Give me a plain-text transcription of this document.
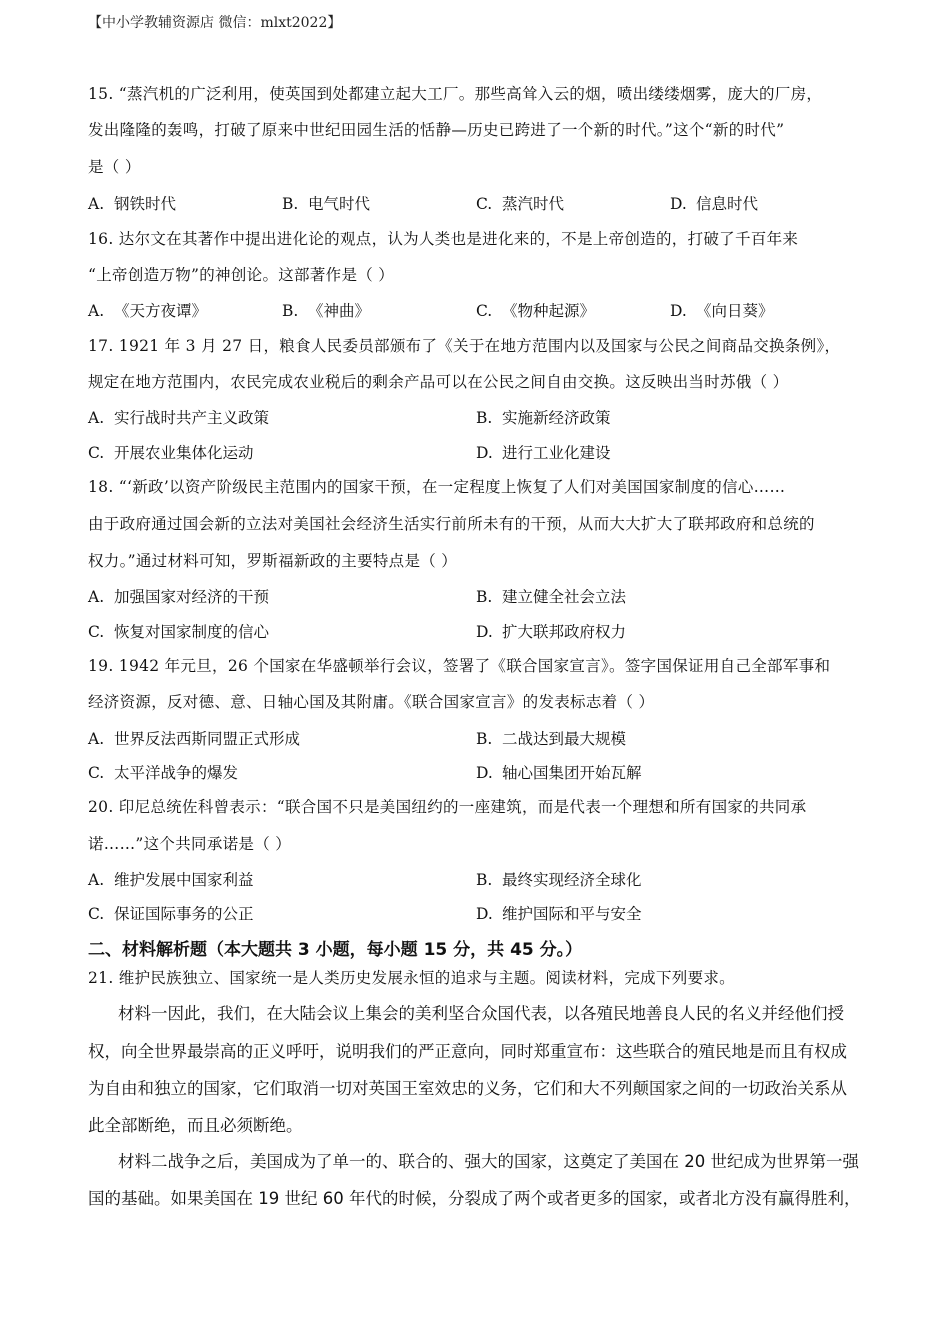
【中小学教辅资源店 微信：mlxt2022】
15. “蒸汽机的广泛利用，使英国到处都建立起大工厂。那些高耸入云的烟，喷出缕缕烟雾，庞大的厂房，
发出隆隆的轰鸣，打破了原来中世纪田园生活的恬静—历史已跨进了一个新的时代。”这个“新的时代”
是（ ）
A. 钢铁时代	B. 电气时代	C. 蒸汽时代	D. 信息时代
16. 达尔文在其著作中提出进化论的观点，认为人类也是进化来的，不是上帝创造的，打破了千百年来
“上帝创造万物”的神创论。这部著作是（ ）
A. 《天方夜谭》	B. 《神曲》	C. 《物种起源》	D. 《向日葵》
17. 1921 年 3 月 27 日，粮食人民委员部颁布了《关于在地方范围内以及国家与公民之间商品交换条例》，
规定在地方范围内，农民完成农业税后的剩余产品可以在公民之间自由交换。这反映出当时苏俄（ ）
A. 实行战时共产主义政策	B. 实施新经济政策
C. 开展农业集体化运动	D. 进行工业化建设
18. “‘新政’以资产阶级民主范围内的国家干预，在一定程度上恢复了人们对美国国家制度的信心……
由于政府通过国会新的立法对美国社会经济生活实行前所未有的干预，从而大大扩大了联邦政府和总统的
权力。”通过材料可知，罗斯福新政的主要特点是（ ）
A. 加强国家对经济的干预	B. 建立健全社会立法
C. 恢复对国家制度的信心	D. 扩大联邦政府权力
19. 1942 年元旦，26 个国家在华盛顿举行会议，签署了《联合国家宣言》。签字国保证用自己全部军事和
经济资源，反对德、意、日轴心国及其附庸。《联合国家宣言》的发表标志着（ ）
A. 世界反法西斯同盟正式形成	B. 二战达到最大规模
C. 太平洋战争的爆发	D. 轴心国集团开始瓦解
20. 印尼总统佐科曾表示：“联合国不只是美国纽约的一座建筑，而是代表一个理想和所有国家的共同承
诺……”这个共同承诺是（ ）
A. 维护发展中国家利益	B. 最终实现经济全球化
C. 保证国际事务的公正	D. 维护国际和平与安全
二、材料解析题（本大题共 3 小题，每小题 15 分，共 45 分。）
21. 维护民族独立、国家统一是人类历史发展永恒的追求与主题。阅读材料，完成下列要求。
材料一因此，我们，在大陆会议上集会的美利坚合众国代表，以各殖民地善良人民的名义并经他们授
权，向全世界最崇高的正义呼吁，说明我们的严正意向，同时郑重宣布：这些联合的殖民地是而且有权成
为自由和独立的国家，它们取消一切对英国王室效忠的义务，它们和大不列颠国家之间的一切政治关系从
此全部断绝，而且必须断绝。
材料二战争之后，美国成为了单一的、联合的、强大的国家，这奠定了美国在 20 世纪成为世界第一强
国的基础。如果美国在 19 世纪 60 年代的时候，分裂成了两个或者更多的国家，或者北方没有赢得胜利，
